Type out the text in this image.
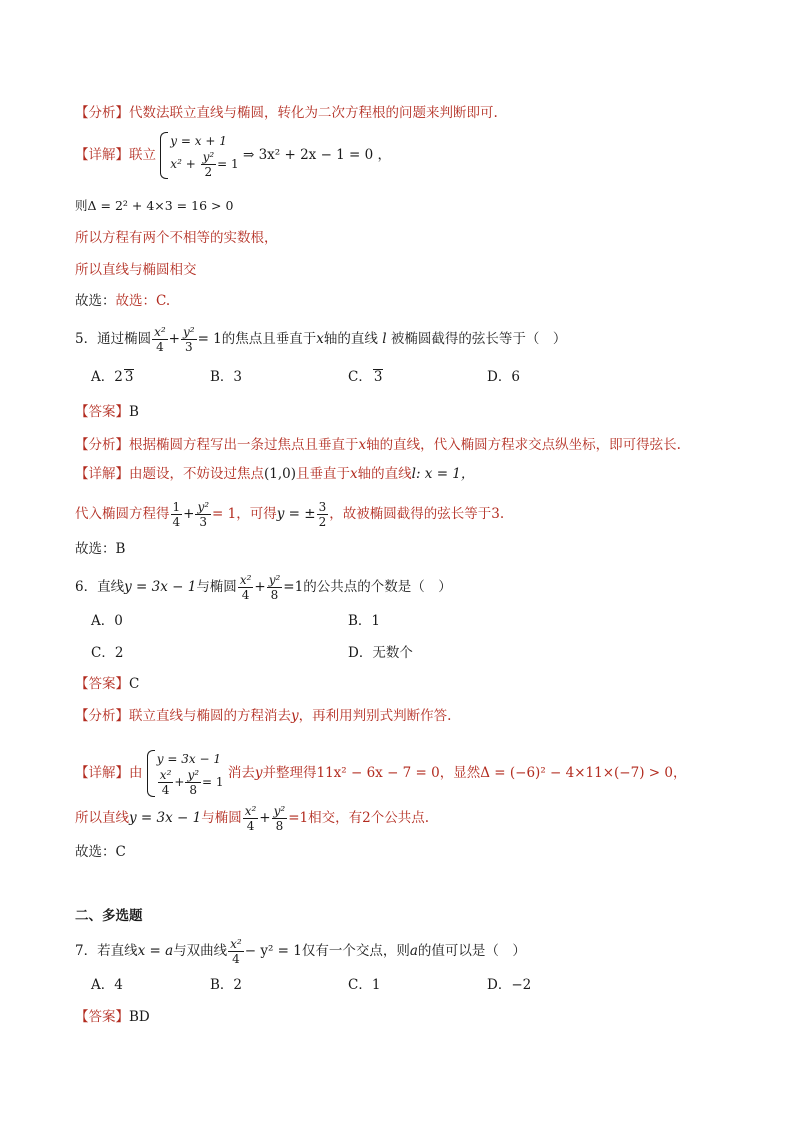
【分析】代数法联立直线与椭圆，转化为二次方程根的问题来判断即可.
【详解】联立
y = x + 1
$x^2 + \frac{\text{y²}}{2} = 1$
⇒ 3x² + 2x − 1 = 0 ，
则Δ = 2² + 4×3 = 16 > 0
所以方程有两个不相等的实数根，
所以直线与椭圆相交
故选：故选：C.
5．通过椭圆 $\frac{\text{x²}}{4} + \frac{\text{y²}}{3} = 1$的焦点且垂直于x轴的直线 l 被椭圆截得的弦长等于（　）
A．2 3	B．3	C． 3	D．6
【答案】B
【分析】根据椭圆方程写出一条过焦点且垂直于x轴的直线，代入椭圆方程求交点纵坐标，即可得弦长.
【详解】由题设，不妨设过焦点(1,0)且垂直于x轴的直线l: x = 1，
代入椭圆方程得 $\frac{1}{4} + \frac{\text{y²}}{3} = 1$，可得y = ± $\frac{3}{2}$ ，故被椭圆截得的弦长等于3.
故选：B
6．直线y = 3x − 1与椭圆 $\frac{\text{x²}}{4} + \frac{\text{y²}}{8} =1$的公共点的个数是（　）
A．0	B．1
C．2	D．无数个
【答案】C
【分析】联立直线与椭圆的方程消去y，再利用判别式判断作答.
【详解】由
y = 3x − 1
$\frac{\text{x²}}{4} + \frac{\text{y²}}{8} = 1$
消去y并整理得11x² − 6x − 7 = 0，显然Δ = (−6)² − 4×11×(−7) > 0，
所以直线y = 3x − 1与椭圆 $\frac{\text{x²}}{4} + \frac{\text{y²}}{8} =1$相交，有2个公共点.
故选：C
二、多选题
7．若直线x = a与双曲线 $\frac{\text{x²}}{4} - y^2 = 1$仅有一个交点，则a的值可以是（　）
A．4	B．2	C．1	D．−2
【答案】BD
